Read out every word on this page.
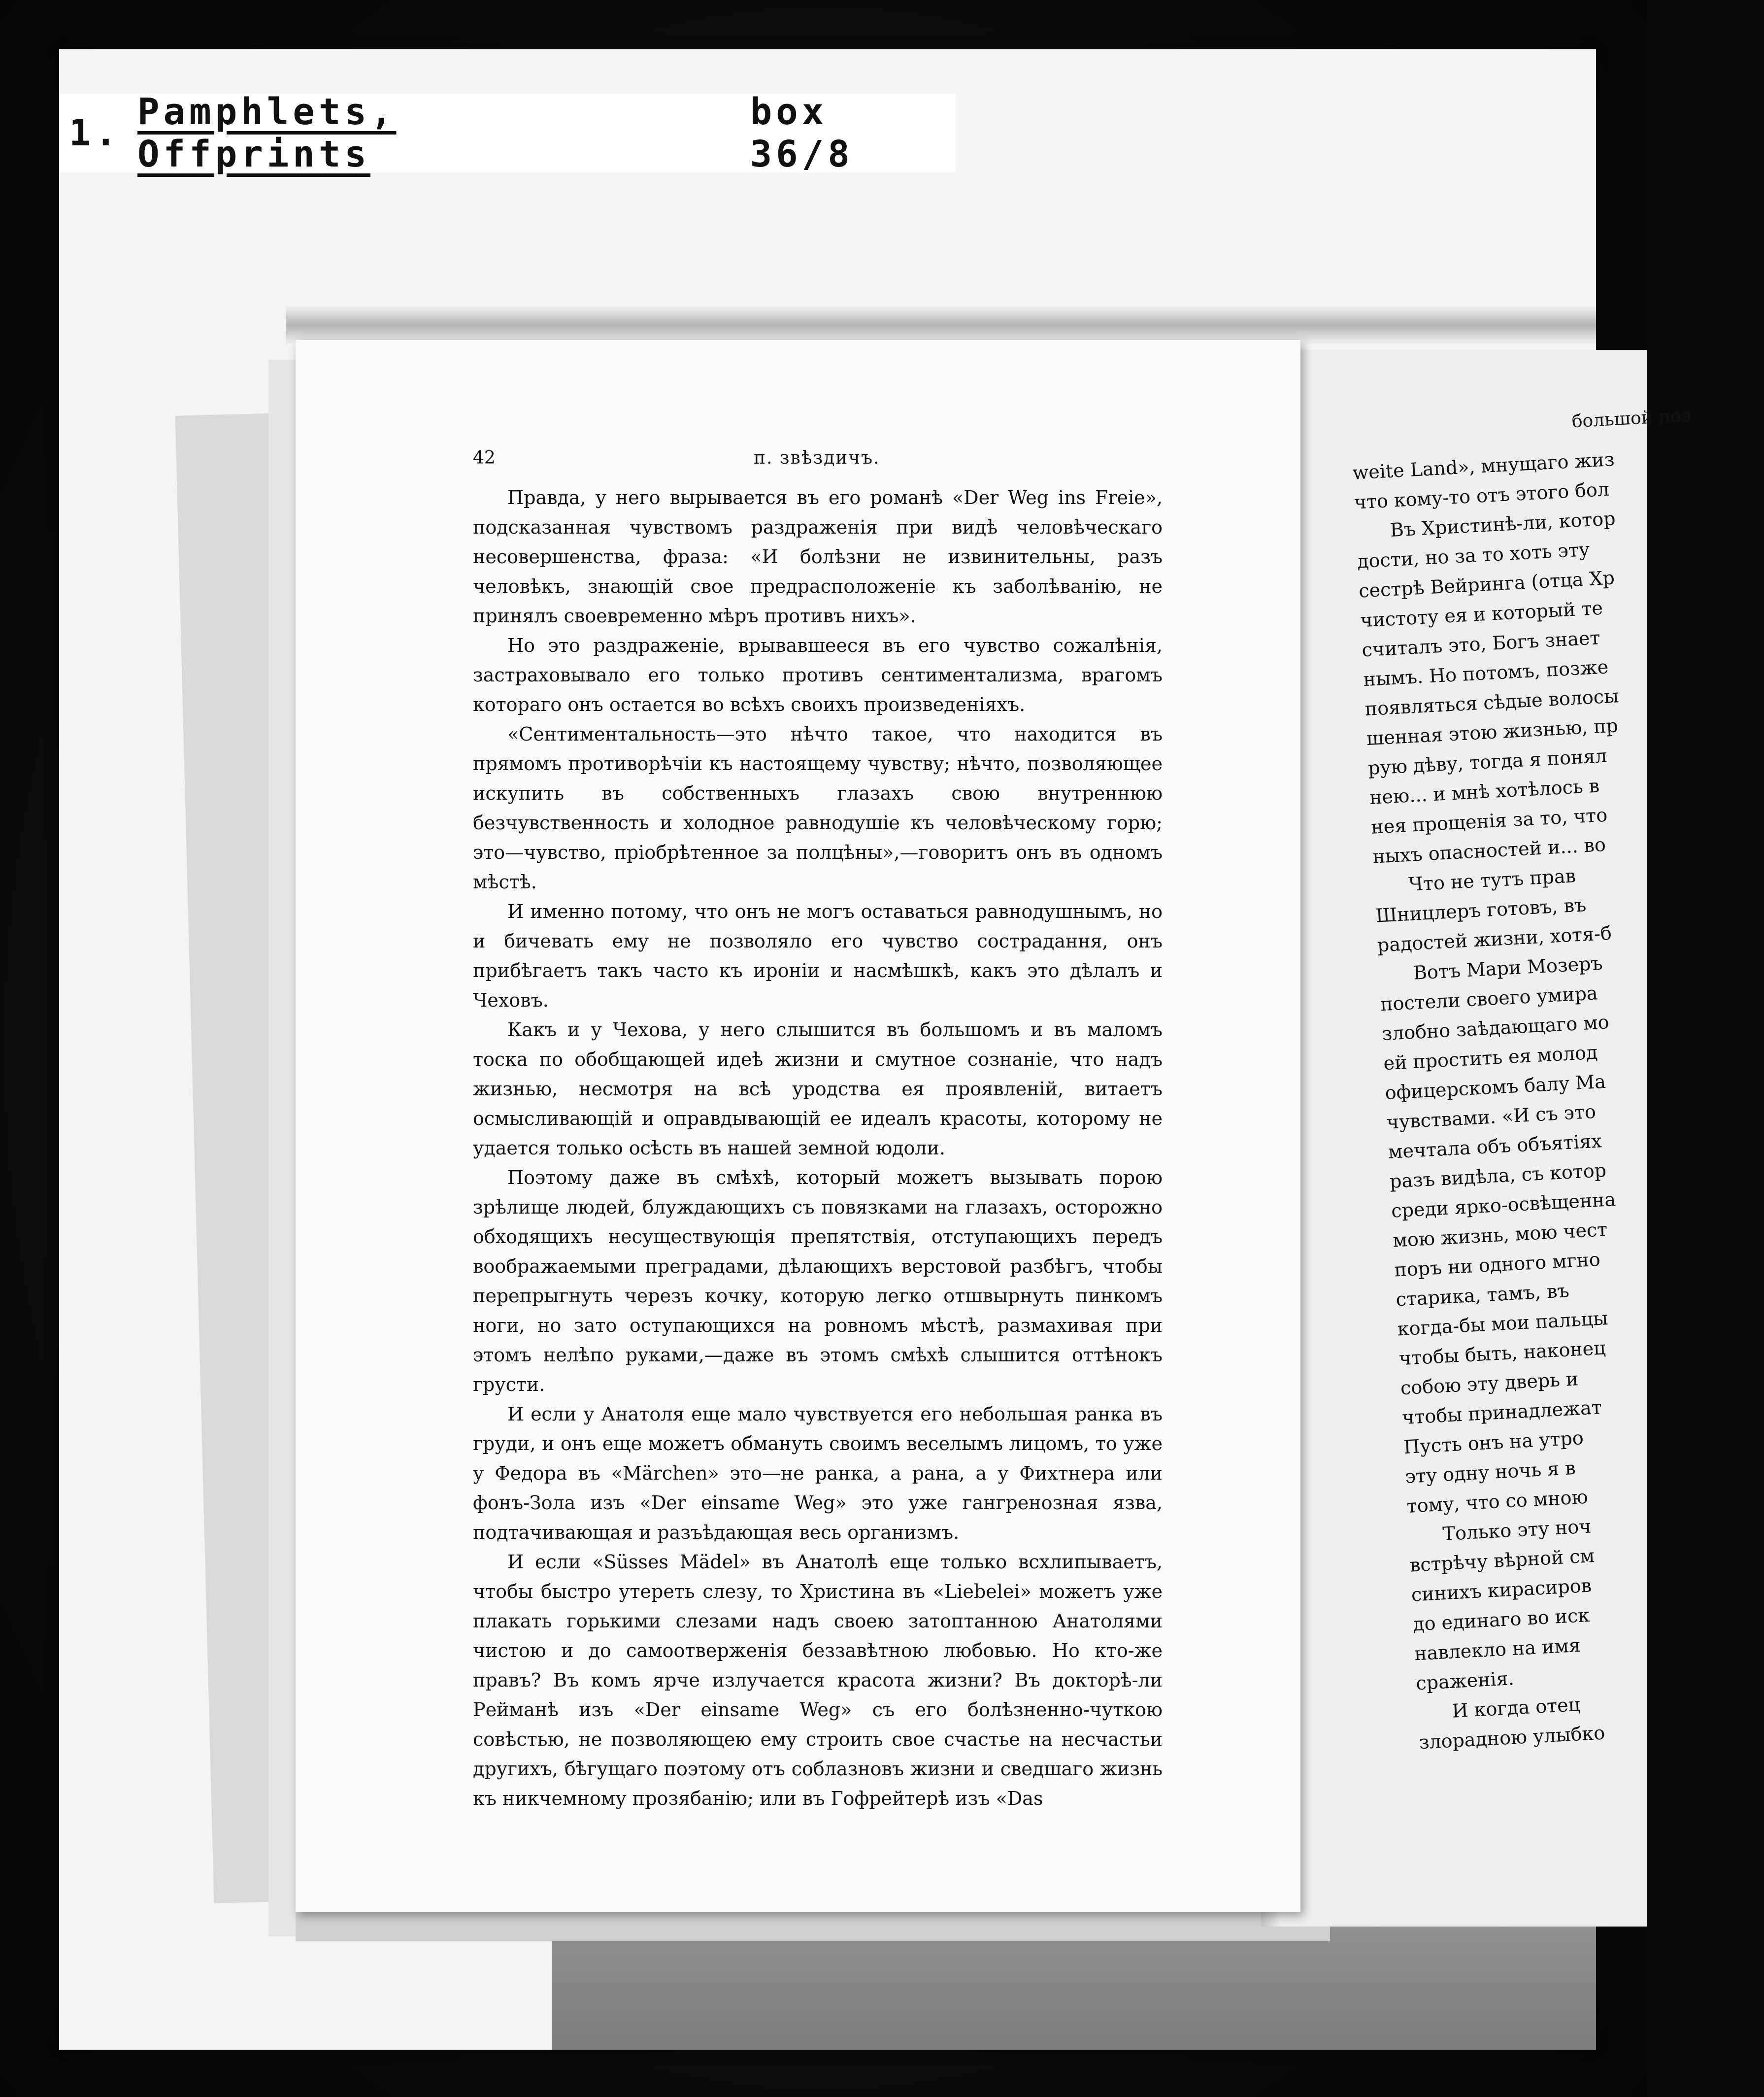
1. Pamphlets, Offprints
box 36/8
большой поэ
weite Land», мнущаго жиз
что кому-то отъ этого бол
Въ Христинѣ-ли, котор
дости, но за то хоть эту
сестрѣ Вейринга (отца Хр
чистоту ея и который те
считалъ это, Богъ знает
нымъ. Но потомъ, позже
появляться сѣдые волосы
шенная этою жизнью, пр
рую дѣву, тогда я понял
нею... и мнѣ хотѣлось в
нея прощенія за то, что
ныхъ опасностей и... во
Что не тутъ прав
Шницлеръ готовъ, въ
радостей жизни, хотя-б
Вотъ Мари Мозеръ
постели своего умира
злобно заѣдающаго мо
ей простить ея молод
офицерскомъ балу Ма
чувствами. «И съ это
мечтала объ объятіях
разъ видѣла, съ котор
среди ярко-освѣщенна
мою жизнь, мою чест
поръ ни одного мгно
старика, тамъ, въ
когда-бы мои пальцы
чтобы быть, наконец
собою эту дверь и
чтобы принадлежат
Пусть онъ на утро
эту одну ночь я в
тому, что со мною
Только эту ноч
встрѣчу вѣрной см
синихъ кирасиров
до единаго во иск
навлекло на имя
сраженія.
И когда отец
злорадною улыбко
42	п. звѣздичъ.

Правда, у него вырывается въ его романѣ «Der Weg ins Freie», подсказанная чувствомъ раздраженія при видѣ человѣческаго несовершенства, фраза: «И болѣзни не извинительны, разъ человѣкъ, знающій свое предрасположеніе къ заболѣванію, не принялъ своевременно мѣръ противъ нихъ».

Но это раздраженіе, врывавшееся въ его чувство сожалѣнія, застраховывало его только противъ сентиментализма, врагомъ котораго онъ остается во всѣхъ своихъ произведеніяхъ.

«Сентиментальность—это нѣчто такое, что находится въ прямомъ противорѣчіи къ настоящему чувству; нѣчто, позволяющее искупить въ собственныхъ глазахъ свою внутреннюю безчувственность и холодное равнодушіе къ человѣческому горю; это—чувство, пріобрѣтенное за полцѣны»,—говоритъ онъ въ одномъ мѣстѣ.

И именно потому, что онъ не могъ оставаться равнодушнымъ, но и бичевать ему не позволяло его чувство сострадання, онъ прибѣгаетъ такъ часто къ ироніи и насмѣшкѣ, какъ это дѣлалъ и Чеховъ.

Какъ и у Чехова, у него слышится въ большомъ и въ маломъ тоска по обобщающей идеѣ жизни и смутное сознаніе, что надъ жизнью, несмотря на всѣ уродства ея проявленій, витаетъ осмысливающій и оправдывающій ее идеалъ красоты, которому не удается только осѣсть въ нашей земной юдоли.

Поэтому даже въ смѣхѣ, который можетъ вызывать порою зрѣлище людей, блуждающихъ съ повязками на глазахъ, осторожно обходящихъ несуществующія препятствія, отступающихъ передъ воображаемыми преградами, дѣлающихъ верстовой разбѣгъ, чтобы перепрыгнуть черезъ кочку, которую легко отшвырнуть пинкомъ ноги, но зато оступающихся на ровномъ мѣстѣ, размахивая при этомъ нелѣпо руками,—даже въ этомъ смѣхѣ слышится оттѣнокъ грусти.

И если у Анатоля еще мало чувствуется его небольшая ранка въ груди, и онъ еще можетъ обмануть своимъ веселымъ лицомъ, то уже у Федора въ «Märchen» это—не ранка, а рана, а у Фихтнера или фонъ-Зола изъ «Der einsame Weg» это уже гангренозная язва, подтачивающая и разъѣдающая весь организмъ.

И если «Süsses Mädel» въ Анатолѣ еще только всхлипываетъ, чтобы быстро утереть слезу, то Христина въ «Liebelei» можетъ уже плакать горькими слезами надъ своею затоптанною Анатолями чистою и до самоотверженія беззавѣтною любовью. Но кто-же правъ? Въ комъ ярче излучается красота жизни? Въ докторѣ-ли Рейманѣ изъ «Der einsame Weg» съ его болѣзненно-чуткою совѣстью, не позволяющею ему строить свое счастье на несчастьи другихъ, бѣгущаго поэтому отъ соблазновъ жизни и сведшаго жизнь къ никчемному прозябанію; или въ Гофрейтерѣ изъ «Das
